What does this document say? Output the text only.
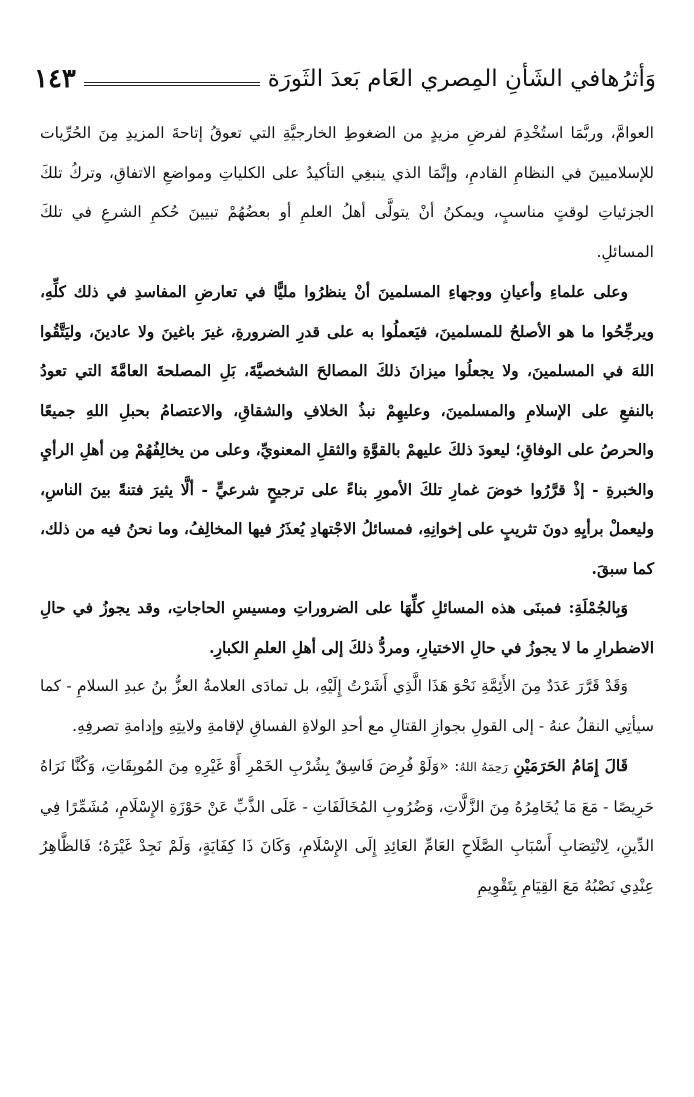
وَأثرُهافي الشَأنِ المِصري العَام بَعدَ الثَورَة
١٤٣

العوامَّ، وربَّمَا استُخْدِمَ لفرضِ مزيدٍ من الضغوطِ الخارجيَّةِ التي تعوقُ إتاحةَ المزيدِ مِنَ الحُرِّيات للإسلاميينَ في النظامِ القادمِ، وإنَّمَا الذي ينبغِي التأكيدُ على الكلياتِ ومواضعِ الاتفاقِ، وتركُ تلكَ الجزئياتِ لوقتٍ مناسبٍ، ويمكنُ أنْ يتولَّى أهلُ العلمِ أو بعضُهُمْ تبيينَ حُكمِ الشرعِ في تلكَ المسائلِ.

وعلى علماءِ وأعيانِ ووجهاءِ المسلمينَ أنْ ينظرُوا مليًّا في تعارضِ المفاسدِ في ذلك كلِّهِ، ويرجِّحُوا ما هو الأصلحُ للمسلمينَ، فيَعملُوا به على قدرِ الضرورةِ، غيرَ باغينَ ولا عادينَ، وليَتَّقُوا اللهَ في المسلمينَ، ولا يجعلُوا ميزانَ ذلكَ المصالحَ الشخصيَّةَ، بَلِ المصلحةَ العامَّةَ التي تعودُ بالنفعِ على الإسلامِ والمسلمينَ، وعليهِمْ نبذُ الخلافِ والشقاقِ، والاعتصامُ بحبلِ اللهِ جميعًا والحرصُ على الوفاقِ؛ ليعودَ ذلكَ عليهمْ بالقوَّةِ والثقلِ المعنويِّ، وعلى من يخالِفُهُمْ مِن أهلِ الرأيِ والخبرةِ - إذْ قرَّرُوا خوضَ غمارِ تلكَ الأمورِ بناءً على ترجيحٍ شرعيٍّ - ألَّا يثيرَ فتنةً بينَ الناسِ، وليعملْ برأيِهِ دونَ تثريبٍ على إخوانِهِ، فمسائلُ الاجْتهادِ يُعذَرُ فيها المخالِفُ، وما نحنُ فيه من ذلك، كما سبقَ.

وَبِالجُمْلَةِ: فمبنَى هذه المسائلِ كلِّهَا على الضروراتِ ومسيسِ الحاجاتِ، وقد يجوزُ في حالِ الاضطرارِ ما لا يجوزُ في حالِ الاختيارِ، ومردُّ ذلكَ إلى أهلِ العلمِ الكبارِ.

وَقَدْ قَرَّرَ عَدَدٌ مِنَ الأَئِمَّةِ نَحْوَ هَذَا الَّذِي أَشَرْتُ إِلَيْهِ، بل تمادَى العلامةُ العزُّ بنُ عبدِ السلامِ - كما سيأتِي النقلُ عنهُ - إلى القولِ بجوازِ القتالِ مع أحدِ الولاةِ الفساقِ لإقامةِ ولايتِهِ وإدامةِ تصرفِهِ.

قَالَ إِمَامُ الحَرَمَيْنِ رَحِمَهُ اللهُ: «وَلَوْ فُرِضَ فَاسِقٌ بِشُرْبِ الخَمْرِ أَوْ غَيْرِهِ مِنَ المُوبِقَاتِ، وَكُنَّا نَرَاهُ حَرِيصًا - مَعَ مَا يُخَامِرُهُ مِنَ الزَّلَّاتِ، وَضُرُوبِ المُخَالَفَاتِ - عَلَى الذَّبِّ عَنْ حَوْزَةِ الإِسْلَامِ، مُشَمِّرًا فِي الدِّينِ، لِانْتِصَابِ أَسْبَابِ الصَّلَاحِ العَامِّ العَائِدِ إِلَى الإِسْلَامِ، وَكَانَ ذَا كِفَايَةٍ، وَلَمْ نَجِدْ غَيْرَهُ؛ فَالظَّاهِرُ عِنْدِي نَصْبُهُ مَعَ القِيَامِ بِتَقْوِيمِ
